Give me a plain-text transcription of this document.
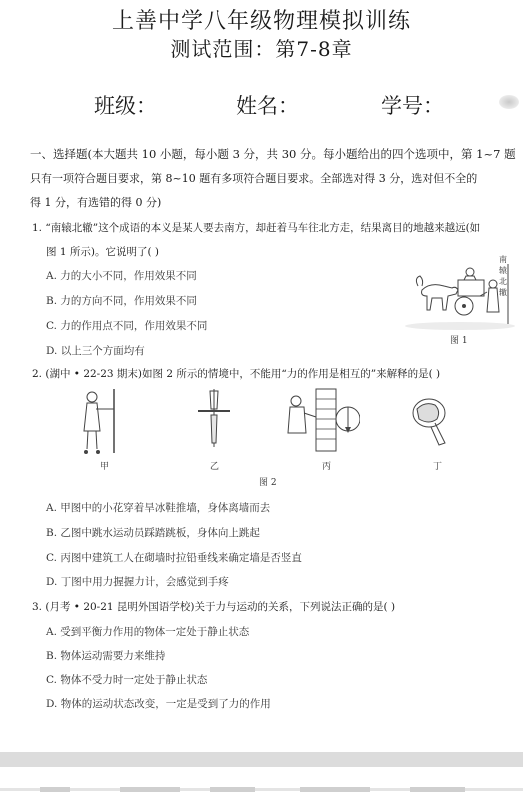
上善中学八年级物理模拟训练
测试范围：第7-8章
班级：	姓名：	学号：
一、选择题(本大题共 10 小题，每小题 3 分，共 30 分。每小题给出的四个选项中，第 1~7 题
只有一项符合题目要求，第 8~10 题有多项符合题目要求。全部选对得 3 分，选对但不全的
得 1 分，有选错的得 0 分)
1. “南辕北辙”这个成语的本义是某人要去南方，却赶着马车往北方走，结果离目的地越来越远(如
图 1 所示)。它说明了( )
A. 力的大小不同，作用效果不同
B. 力的方向不同，作用效果不同
C. 力的作用点不同，作用效果不同
D. 以上三个方面均有
南
辕
北
辙
图 1
2. (湖中 • 22-23 期末)如图 2 所示的情境中，不能用“力的作用是相互的”来解释的是( )
甲	乙	丙	丁
图 2
A. 甲图中的小花穿着旱冰鞋推墙，身体离墙而去
B. 乙图中跳水运动员踩踏跳板，身体向上跳起
C. 丙图中建筑工人在砌墙时拉铅垂线来确定墙是否竖直
D. 丁图中用力握握力计，会感觉到手疼
3. (月考 • 20-21 昆明外国语学校)关于力与运动的关系，下列说法正确的是( )
A. 受到平衡力作用的物体一定处于静止状态
B. 物体运动需要力来维持
C. 物体不受力时一定处于静止状态
D. 物体的运动状态改变，一定是受到了力的作用
